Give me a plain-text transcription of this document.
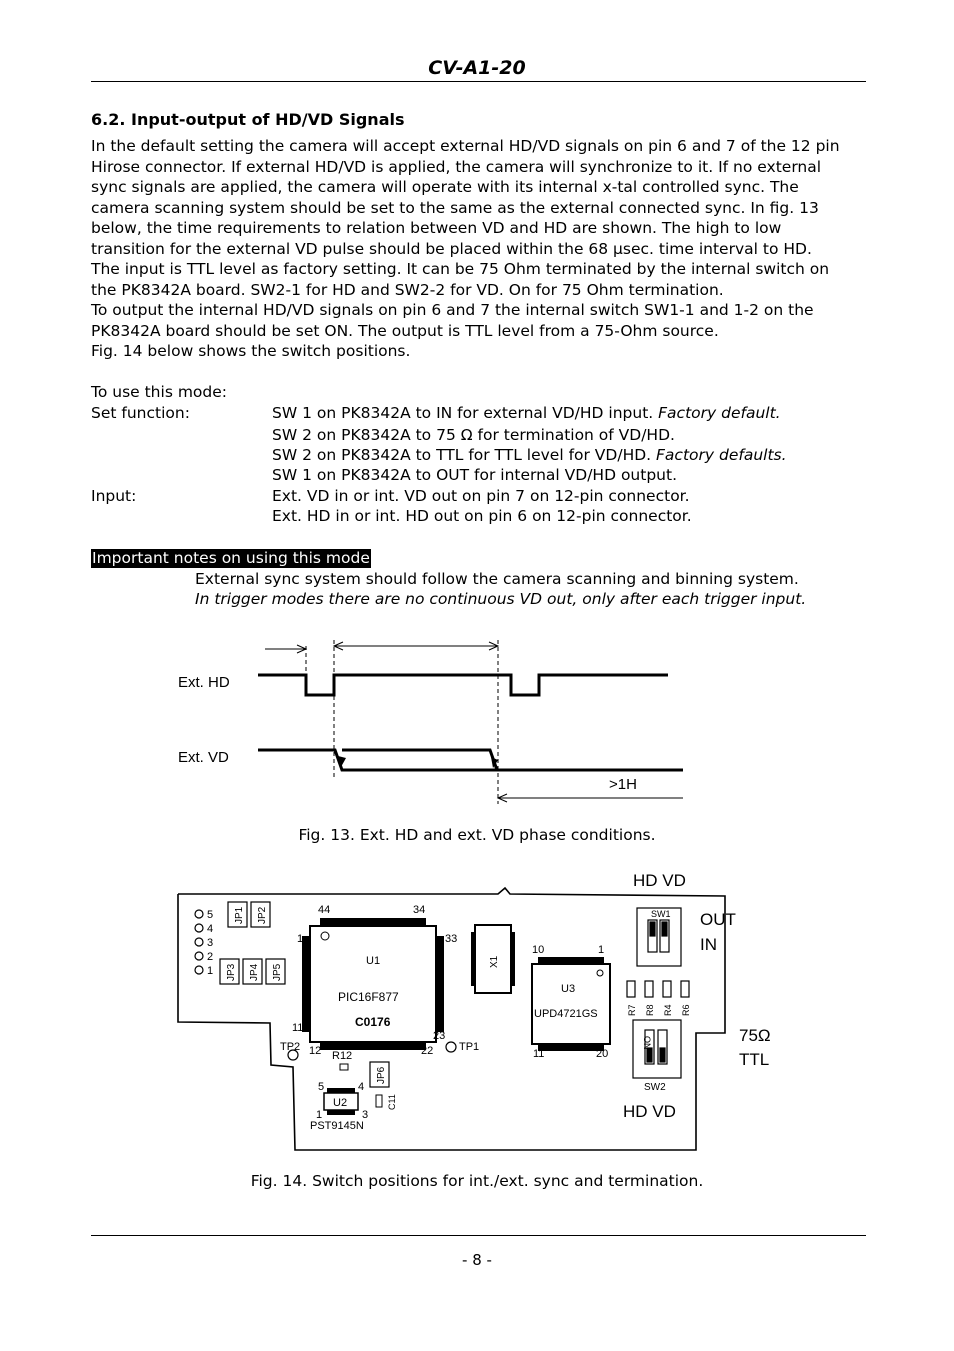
CV-A1-20
6.2. Input-output of HD/VD Signals

In the default setting the camera will accept external HD/VD signals on pin 6 and 7 of the 12 pin

Hirose connector. If external HD/VD is applied, the camera will synchronize to it. If no external

sync signals are applied, the camera will operate with its internal x-tal controlled sync. The

camera scanning system should be set to the same as the external connected sync. In fig. 13

below, the time requirements to relation between VD and HD are shown. The high to low

transition for the external VD pulse should be placed within the 68 µsec. time interval to HD.

The input is TTL level as factory setting. It can be 75 Ohm terminated by the internal switch on

the PK8342A board. SW2-1 for HD and SW2-2 for VD. On for 75 Ohm termination.

To output the internal HD/VD signals on pin 6 and 7 the internal switch SW1-1 and 1-2 on the

PK8342A board should be set ON. The output is TTL level from a 75-Ohm source.

Fig. 14 below shows the switch positions.

To use this mode:
Set function:	SW 1 on PK8342A to IN for external VD/HD input. Factory default.
SW 2 on PK8342A to 75 Ω for termination of VD/HD.
SW 2 on PK8342A to TTL for TTL level for VD/HD. Factory defaults.
SW 1 on PK8342A to OUT for internal VD/HD output.
Input:	Ext. VD in or int. VD out on pin 7 on 12-pin connector.
Ext. HD in or int. HD out on pin 6 on 12-pin connector.
Important notes on using this mode
External sync system should follow the camera scanning and binning system.
In trigger modes there are no continuous VD out, only after each trigger input.
Ext. HD
Ext. VD
>1H
Fig. 13. Ext. HD and ext. VD phase conditions.
5
4
3
2
1
JP1 JP2
JP3 JP4 JP5
JP6
44	34
1	33
11
12	22
23
U1
PIC16F877
C0176
X1
10	1
11	20
U3
UPD4721GS
SW1
R7 R8 R4 R6
ON
SW2
TP1
TP2
R12
U2
5	4
1	3
PST9145N
C11
HD VD
OUT
IN
75Ω
TTL
HD VD
Fig. 14. Switch positions for int./ext. sync and termination.
- 8 -
